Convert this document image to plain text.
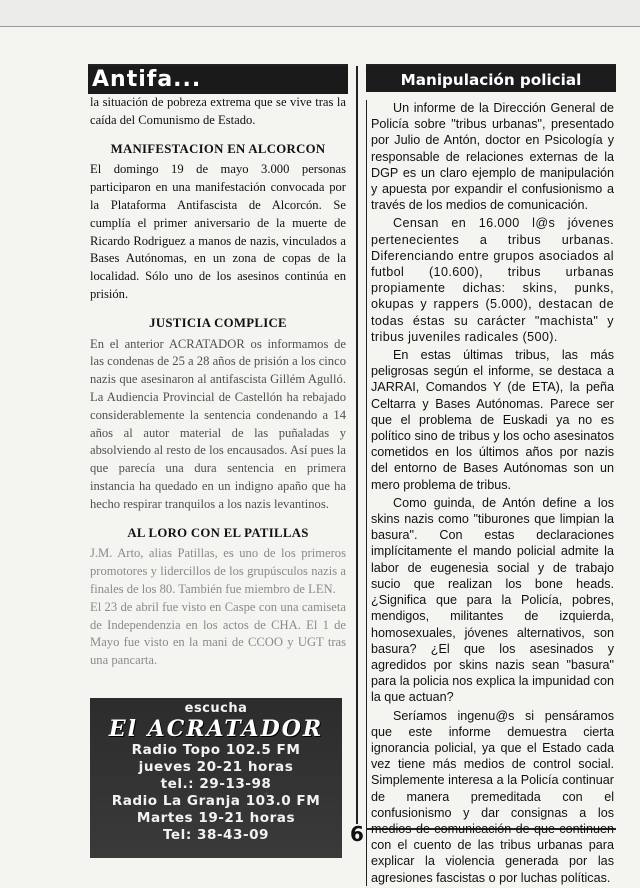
Antifa...

la situación de pobreza extrema que se vive tras la caída del Comunismo de Estado.

MANIFESTACION EN ALCORCON

El domingo 19 de mayo 3.000 personas participaron en una manifestación convocada por la Plataforma Antifascista de Alcorcón. Se cumplía el primer aniversario de la muerte de Ricardo Rodriguez a manos de nazis, vinculados a Bases Autónomas, en un zona de copas de la localidad. Sólo uno de los asesinos continúa en prisión.

JUSTICIA COMPLICE

En el anterior ACRATADOR os informamos de las condenas de 25 a 28 años de prisión a los cinco nazis que asesinaron al antifascista Gillém Agulló. La Audiencia Provincial de Castellón ha rebajado considerablemente la sentencia condenando a 14 años al autor material de las puñaladas y absolviendo al resto de los encausados. Así pues la que parecía una dura sentencia en primera instancia ha quedado en un indigno apaño que ha hecho respirar tranquilos a los nazis levantinos.

AL LORO CON EL PATILLAS

J.M. Arto, alias Patillas, es uno de los primeros promotores y lidercillos de los grupúsculos nazis a finales de los 80. También fue miembro de LEN.

El 23 de abril fue visto en Caspe con una camiseta de Independenzia en los actos de CHA. El 1 de Mayo fue visto en la mani de CCOO y UGT tras una pancarta.

escucha
El ACRATADOR
Radio Topo 102.5 FM
jueves 20-21 horas
tel.: 29-13-98
Radio La Granja 103.0 FM
Martes 19-21 horas
Tel: 38-43-09	6
Manipulación policial

Un informe de la Dirección General de Policía sobre "tribus urbanas", presentado por Julio de Antón, doctor en Psicología y responsable de relaciones externas de la DGP es un claro ejemplo de manipulación y apuesta por expandir el confusionismo a través de los medios de comunicación.

Censan en 16.000 l@s jóvenes pertenecientes a tribus urbanas. Diferenciando entre grupos asociados al futbol (10.600), tribus urbanas propiamente dichas: skins, punks, okupas y rappers (5.000), destacan de todas éstas su carácter "machista" y tribus juveniles radicales (500).

En estas últimas tribus, las más peligrosas según el informe, se destaca a JARRAI, Comandos Y (de ETA), la peña Celtarra y Bases Autónomas. Parece ser que el problema de Euskadi ya no es político sino de tribus y los ocho asesinatos cometidos en los últimos años por nazis del entorno de Bases Autónomas son un mero problema de tribus.

Como guinda, de Antón define a los skins nazis como "tiburones que limpian la basura". Con estas declaraciones implícitamente el mando policial admite la labor de eugenesia social y de trabajo sucio que realizan los bone heads. ¿Significa que para la Policía, pobres, mendigos, militantes de izquierda, homosexuales, jóvenes alternativos, son basura? ¿El que los asesinados y agredidos por skins nazis sean "basura" para la policia nos explica la impunidad con la que actuan?

Seríamos ingenu@s si pensáramos que este informe demuestra cierta ignorancia policial, ya que el Estado cada vez tiene más medios de control social. Simplemente interesa a la Policía continuar de manera premeditada con el confusionismo y dar consignas a los medios de comunicación de que continuen con el cuento de las tribus urbanas para explicar la violencia generada por las agresiones fascistas o por luchas políticas.
